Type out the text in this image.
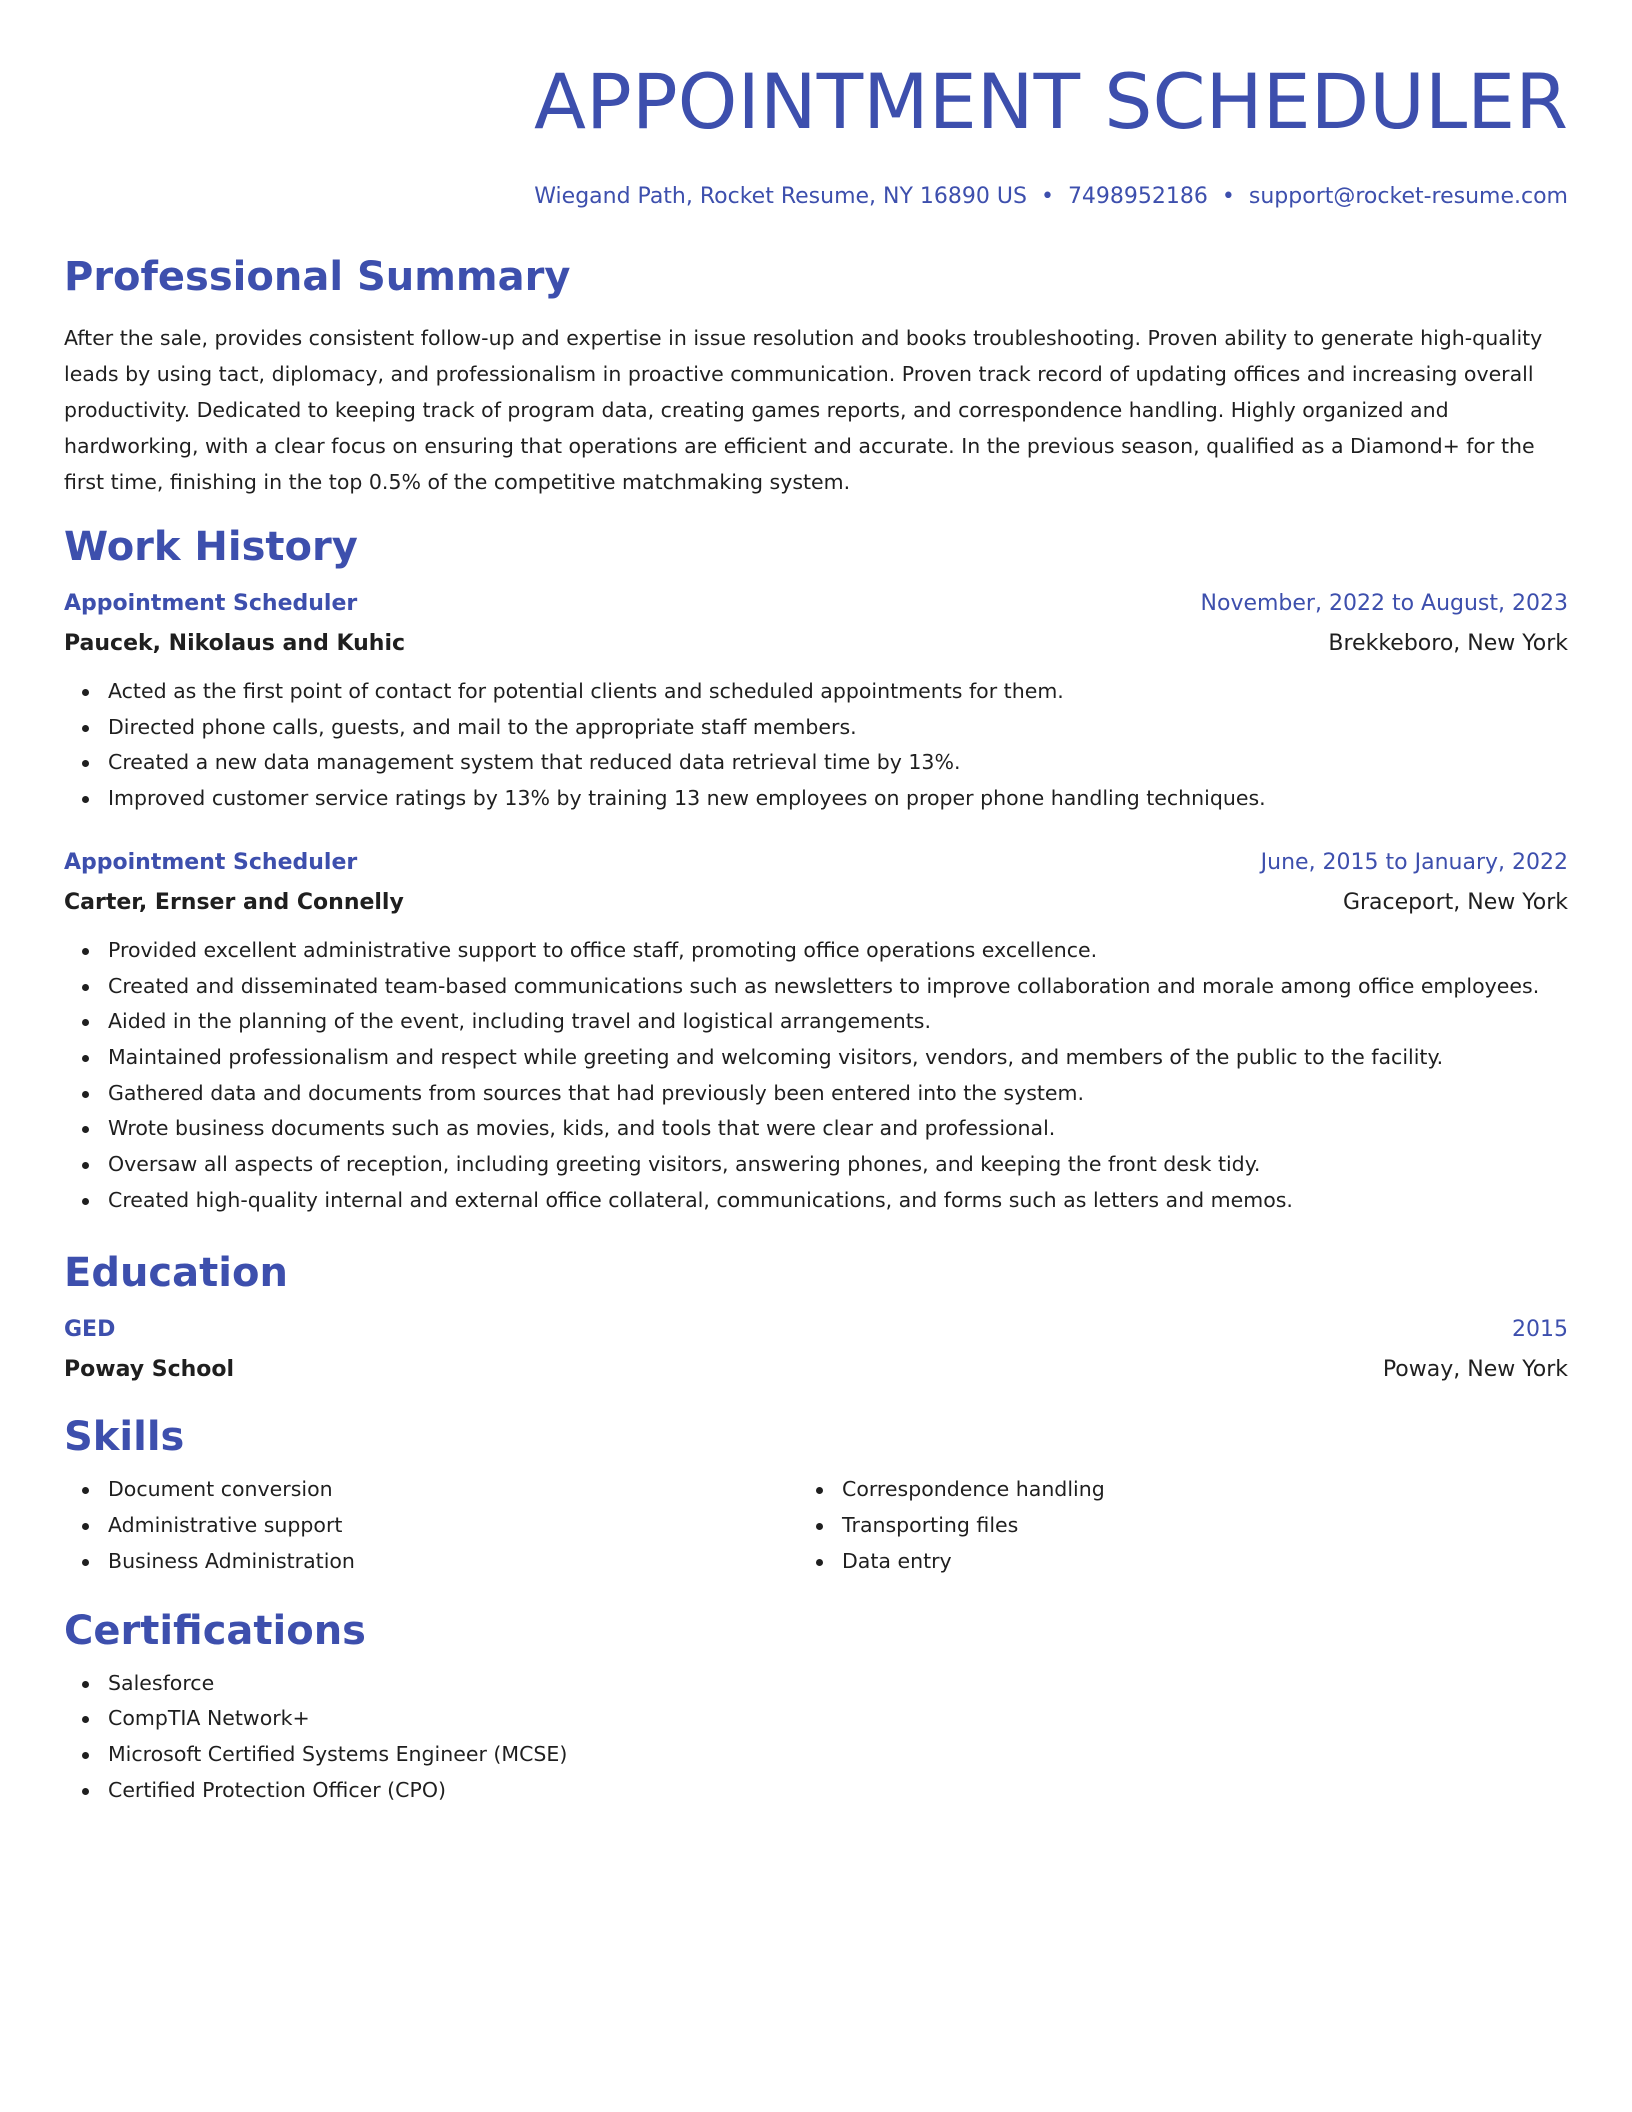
APPOINTMENT SCHEDULER
Wiegand Path, Rocket Resume, NY 16890 US • 7498952186 • support@rocket-resume.com
Professional Summary
After the sale, provides consistent follow-up and expertise in issue resolution and books troubleshooting. Proven ability to generate high-quality leads by using tact, diplomacy, and professionalism in proactive communication. Proven track record of updating offices and increasing overall productivity. Dedicated to keeping track of program data, creating games reports, and correspondence handling. Highly organized and hardworking, with a clear focus on ensuring that operations are efficient and accurate. In the previous season, qualified as a Diamond+ for the first time, finishing in the top 0.5% of the competitive matchmaking system.
Work History
Appointment Scheduler	November, 2022 to August, 2023
Paucek, Nikolaus and Kuhic	Brekkeboro, New York
Acted as the first point of contact for potential clients and scheduled appointments for them.
Directed phone calls, guests, and mail to the appropriate staff members.
Created a new data management system that reduced data retrieval time by 13%.
Improved customer service ratings by 13% by training 13 new employees on proper phone handling techniques.
Appointment Scheduler	June, 2015 to January, 2022
Carter, Ernser and Connelly	Graceport, New York
Provided excellent administrative support to office staff, promoting office operations excellence.
Created and disseminated team-based communications such as newsletters to improve collaboration and morale among office employees.
Aided in the planning of the event, including travel and logistical arrangements.
Maintained professionalism and respect while greeting and welcoming visitors, vendors, and members of the public to the facility.
Gathered data and documents from sources that had previously been entered into the system.
Wrote business documents such as movies, kids, and tools that were clear and professional.
Oversaw all aspects of reception, including greeting visitors, answering phones, and keeping the front desk tidy.
Created high-quality internal and external office collateral, communications, and forms such as letters and memos.
Education
GED	2015
Poway School	Poway, New York
Skills
Document conversion
Administrative support
Business Administration
Correspondence handling
Transporting files
Data entry
Certifications
Salesforce
CompTIA Network+
Microsoft Certified Systems Engineer (MCSE)
Certified Protection Officer (CPO)
